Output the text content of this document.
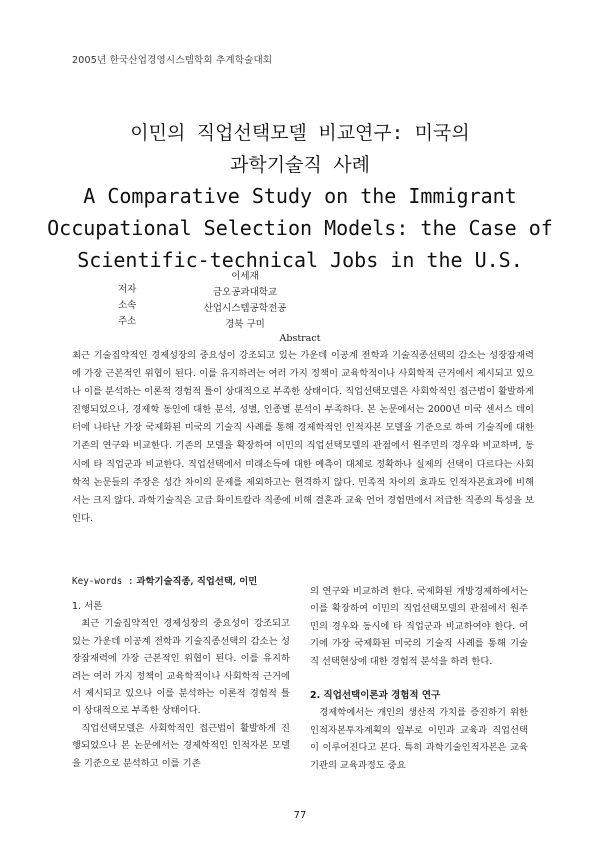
2005년 한국산업경영시스템학회 추계학술대회
이민의 직업선택모델 비교연구: 미국의
과학기술직 사례
A Comparative Study on the Immigrant
Occupational Selection Models: the Case of
Scientific-technical Jobs in the U.S.
저자
소속
주소
이세재
금오공과대학교
산업시스템공학전공
경북 구미
Abstract
최근 기술집약적인 경제성장의 중요성이 강조되고 있는 가운데 이공계 전학과 기술직종선택의 감소는 성장잠재력에 가장 근본적인 위협이 된다. 이를 유지하려는 여러 가지 정책이 교육학적이나 사회학적 근거에서 제시되고 있으나 이를 분석하는 이론적 경험적 틀이 상대적으로 부족한 상태이다. 직업선택모델은 사회학적인 접근법이 활발하게 진행되었으나, 경제학 동인에 대한 분석, 성별, 인종별 분석이 부족하다. 본 논문에서는 2000년 미국 센서스 데이터에 나타난 가장 국제화된 미국의 기술직 사례를 통해 경제학적인 인적자본 모델을 기준으로 하여 기술직에 대한 기존의 연구와 비교한다. 기존의 모델을 확장하여 이민의 직업선택모델의 관점에서 원주민의 경우와 비교하며, 동시에 타 직업군과 비교한다. 직업선택에서 미래소득에 대한 예측이 대체로 정확하나 실제의 선택이 다르다는 사회학적 논문들의 주장은 성간 차이의 문제를 제외하고는 현격하지 않다. 민족적 차이의 효과도 인적자본효과에 비해서는 크지 않다. 과학기술직은 고급 화이트칼라 직종에 비해 결혼과 교육 언어 경험면에서 저급한 직종의 특성을 보인다.
Key-words : 과학기술직종, 직업선택, 이민
1. 서론

최근 기술집약적인 경제성장의 중요성이 강조되고 있는 가운데 이공계 전학과 기술직종선택의 감소는 성장잠재력에 가장 근본적인 위협이 된다. 이를 유지하려는 여러 가지 정책이 교육학적이나 사회학적 근거에서 제시되고 있으나 이를 분석하는 이론적 경험적 틀이 상대적으로 부족한 상태이다.

직업선택모델은 사회학적인 접근법이 활발하게 진행되었으나 본 논문에서는 경제학적인 인적자본 모델을 기준으로 분석하고 이를 기존

의 연구와 비교하려 한다. 국제화된 개방경제하에서는 이를 확장하여 이민의 직업선택모델의 관점에서 원주민의 경우와 동시에 타 직업군과 비교하여야 한다. 여기에 가장 국제화된 미국의 기술직 사례를 통해 기술직 선택현상에 대한 경험적 분석을 하려 한다.

2. 직업선택이론과 경험적 연구

경제학에서는 개인의 생산적 가치를 증진하기 위한 인적자본투자계획의 일부로 이민과 교육과 직업선택이 이루어진다고 본다. 특히 과학기술인적자본은 교육기관의 교육과정도 중요

77
